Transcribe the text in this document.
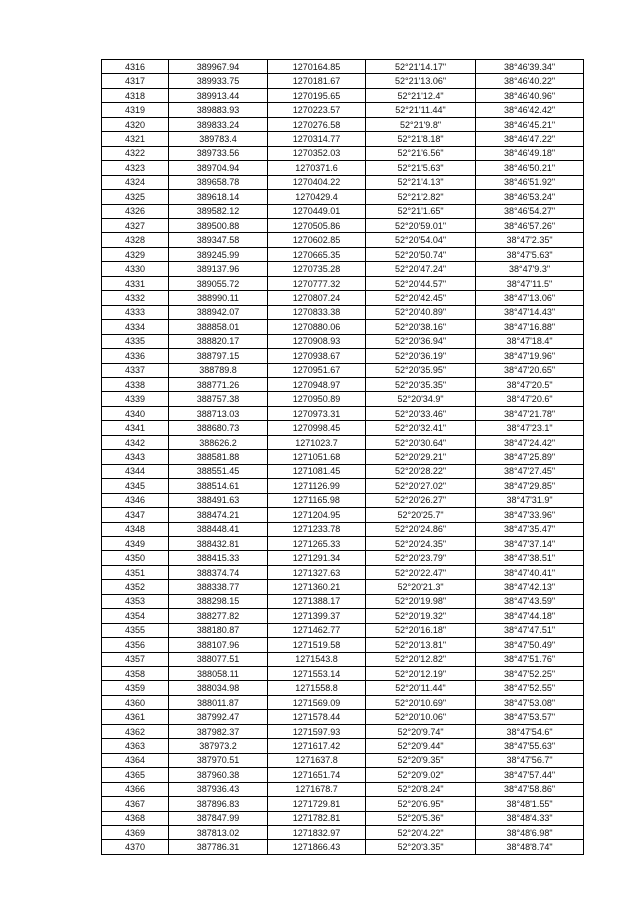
4316	389967.94	1270164.85	52°21'14.17"	38°46'39.34"
4317	389933.75	1270181.67	52°21'13.06"	38°46'40.22"
4318	389913.44	1270195.65	52°21'12.4"	38°46'40.96"
4319	389883.93	1270223.57	52°21'11.44"	38°46'42.42"
4320	389833.24	1270276.58	52°21'9.8"	38°46'45.21"
4321	389783.4	1270314.77	52°21'8.18"	38°46'47.22"
4322	389733.56	1270352.03	52°21'6.56"	38°46'49.18"
4323	389704.94	1270371.6	52°21'5.63"	38°46'50.21"
4324	389658.78	1270404.22	52°21'4.13"	38°46'51.92"
4325	389618.14	1270429.4	52°21'2.82"	38°46'53.24"
4326	389582.12	1270449.01	52°21'1.65"	38°46'54.27"
4327	389500.88	1270505.86	52°20'59.01"	38°46'57.26"
4328	389347.58	1270602.85	52°20'54.04"	38°47'2.35"
4329	389245.99	1270665.35	52°20'50.74"	38°47'5.63"
4330	389137.96	1270735.28	52°20'47.24"	38°47'9.3"
4331	389055.72	1270777.32	52°20'44.57"	38°47'11.5"
4332	388990.11	1270807.24	52°20'42.45"	38°47'13.06"
4333	388942.07	1270833.38	52°20'40.89"	38°47'14.43"
4334	388858.01	1270880.06	52°20'38.16"	38°47'16.88"
4335	388820.17	1270908.93	52°20'36.94"	38°47'18.4"
4336	388797.15	1270938.67	52°20'36.19"	38°47'19.96"
4337	388789.8	1270951.67	52°20'35.95"	38°47'20.65"
4338	388771.26	1270948.97	52°20'35.35"	38°47'20.5"
4339	388757.38	1270950.89	52°20'34.9"	38°47'20.6"
4340	388713.03	1270973.31	52°20'33.46"	38°47'21.78"
4341	388680.73	1270998.45	52°20'32.41"	38°47'23.1"
4342	388626.2	1271023.7	52°20'30.64"	38°47'24.42"
4343	388581.88	1271051.68	52°20'29.21"	38°47'25.89"
4344	388551.45	1271081.45	52°20'28.22"	38°47'27.45"
4345	388514.61	1271126.99	52°20'27.02"	38°47'29.85"
4346	388491.63	1271165.98	52°20'26.27"	38°47'31.9"
4347	388474.21	1271204.95	52°20'25.7"	38°47'33.96"
4348	388448.41	1271233.78	52°20'24.86"	38°47'35.47"
4349	388432.81	1271265.33	52°20'24.35"	38°47'37.14"
4350	388415.33	1271291.34	52°20'23.79"	38°47'38.51"
4351	388374.74	1271327.63	52°20'22.47"	38°47'40.41"
4352	388338.77	1271360.21	52°20'21.3"	38°47'42.13"
4353	388298.15	1271388.17	52°20'19.98"	38°47'43.59"
4354	388277.82	1271399.37	52°20'19.32"	38°47'44.18"
4355	388180.87	1271462.77	52°20'16.18"	38°47'47.51"
4356	388107.96	1271519.58	52°20'13.81"	38°47'50.49"
4357	388077.51	1271543.8	52°20'12.82"	38°47'51.76"
4358	388058.11	1271553.14	52°20'12.19"	38°47'52.25"
4359	388034.98	1271558.8	52°20'11.44"	38°47'52.55"
4360	388011.87	1271569.09	52°20'10.69"	38°47'53.08"
4361	387992.47	1271578.44	52°20'10.06"	38°47'53.57"
4362	387982.37	1271597.93	52°20'9.74"	38°47'54.6"
4363	387973.2	1271617.42	52°20'9.44"	38°47'55.63"
4364	387970.51	1271637.8	52°20'9.35"	38°47'56.7"
4365	387960.38	1271651.74	52°20'9.02"	38°47'57.44"
4366	387936.43	1271678.7	52°20'8.24"	38°47'58.86"
4367	387896.83	1271729.81	52°20'6.95"	38°48'1.55"
4368	387847.99	1271782.81	52°20'5.36"	38°48'4.33"
4369	387813.02	1271832.97	52°20'4.22"	38°48'6.98"
4370	387786.31	1271866.43	52°20'3.35"	38°48'8.74"
